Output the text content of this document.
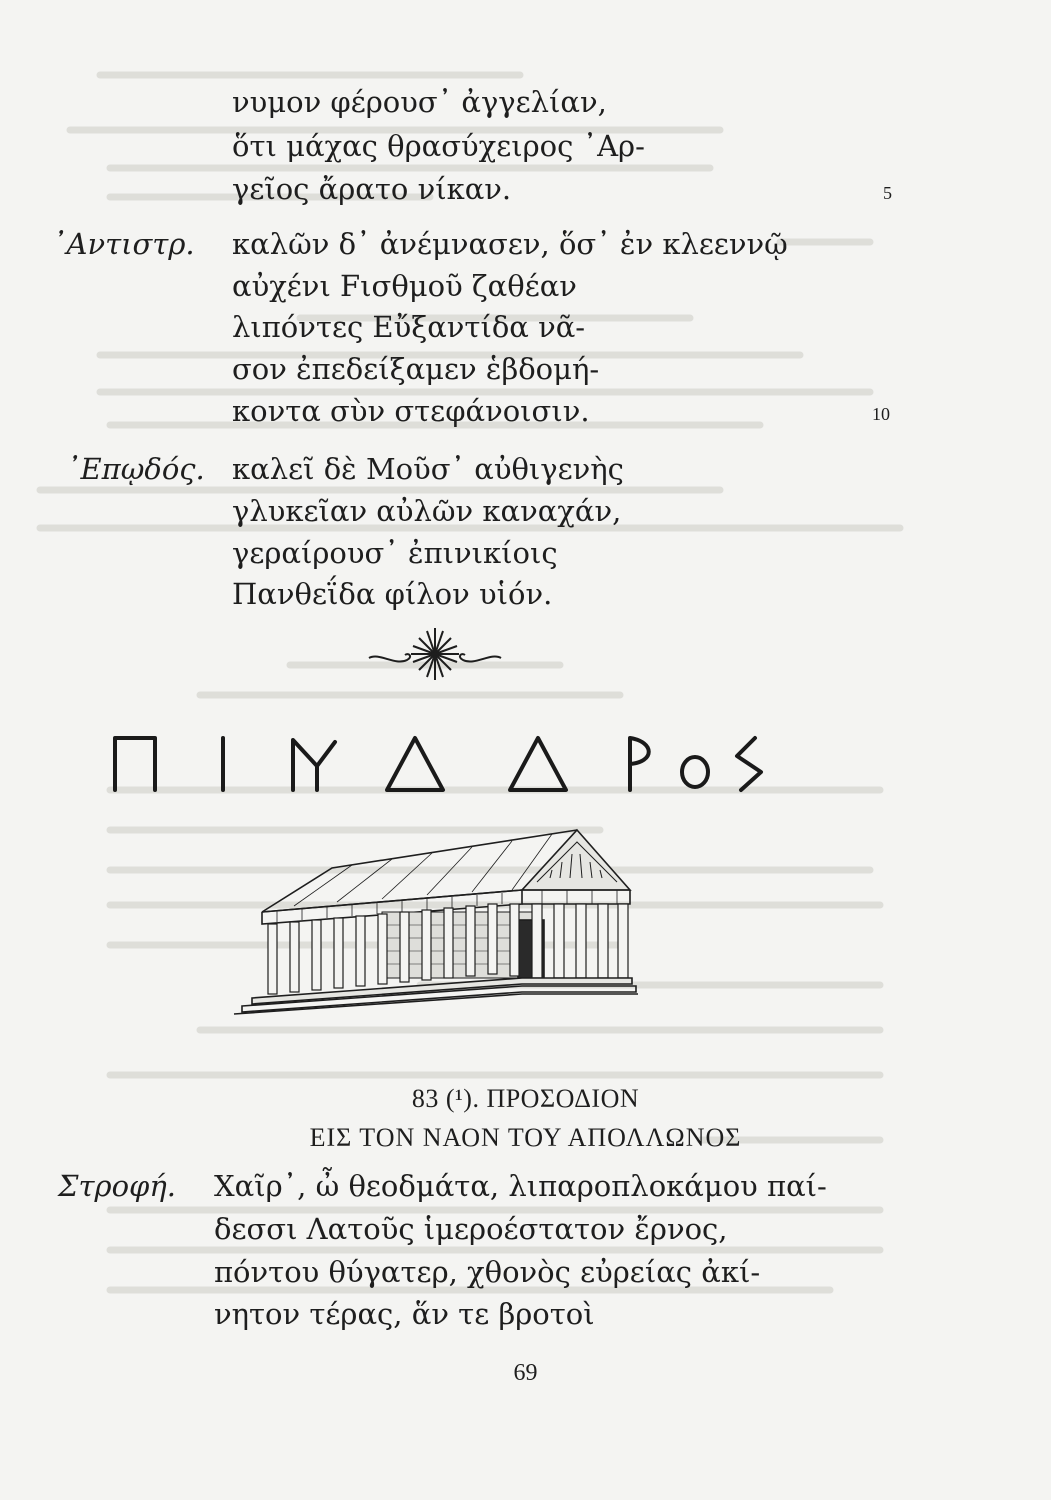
νυμον φέρουσ᾽ ἀγγελίαν,
ὅτι μάχας θρασύχειρος ᾽Αρ-
γεῖος ἄρατο νίκαν.	5
᾽Αντιστρ. καλῶν δ᾽ ἀνέμνασεν, ὅσ᾽ ἐν κλεεννῷ
αὐχένι Fισθμοῦ ζαθέαν
λιπόντες Εὔξαντίδα νᾶ-
σον ἐπεδείξαμεν ἑβδομή-
κοντα σὺν στεφάνοισιν.	10
᾽Επῳδός. καλεῖ δὲ Μοῦσ᾽ αὐθιγενὴς
γλυκεῖαν αὐλῶν καναχάν,
γεραίρουσ᾽ ἐπινικίοις
Πανθεΐδα φίλον υἱόν.
83 (¹). ΠΡΟΣΟΔΙΟΝ
ΕΙΣ ΤΟΝ ΝΑΟΝ ΤΟΥ ΑΠΟΛΛΩΝΟΣ
Στροφή. Χαῖρ᾽, ὦ θεοδμάτα, λιπαροπλοκάμου παί-
δεσσι Λατοῦς ἱμεροέστατον ἔρνος,
πόντου θύγατερ, χθονὸς εὐρείας ἀκί-
νητον τέρας, ἅν τε βροτοὶ
69
